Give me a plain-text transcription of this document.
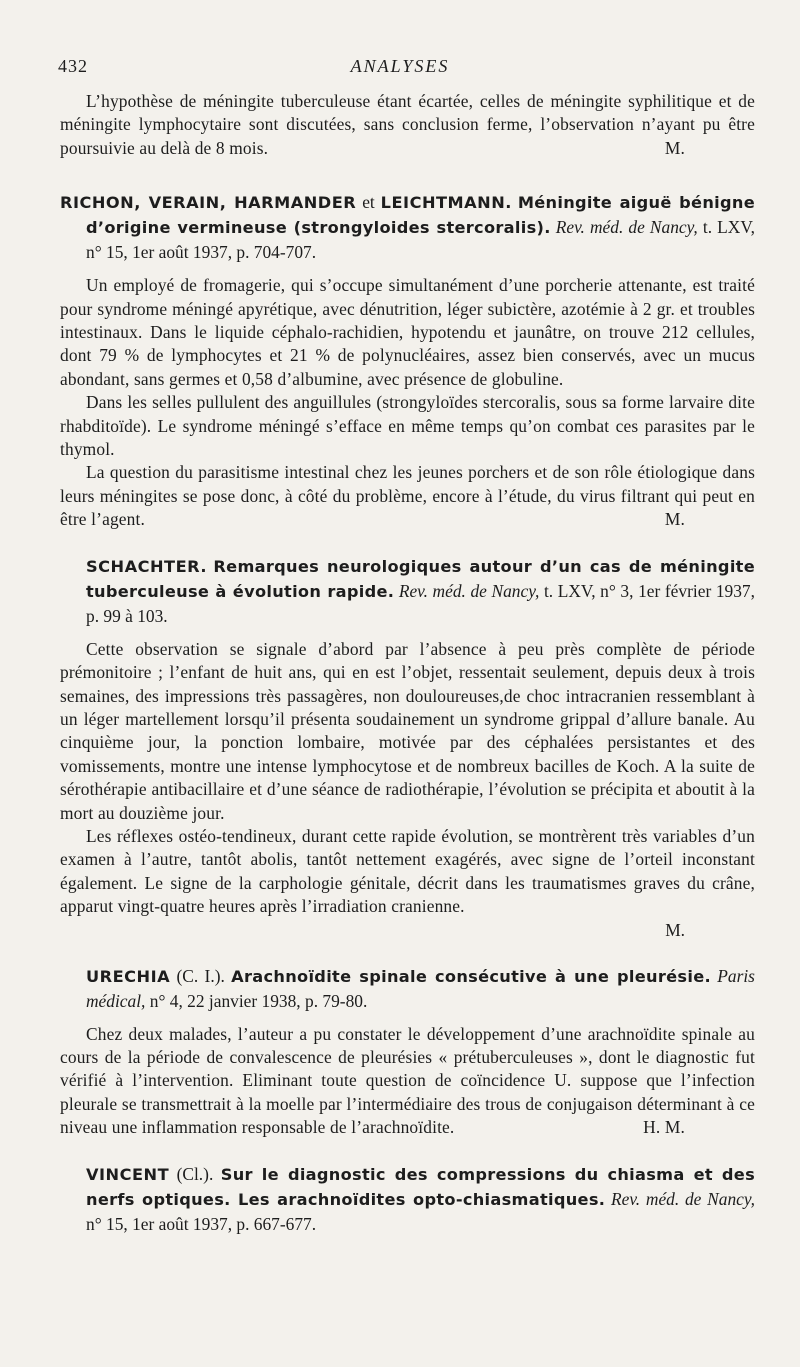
432	ANALYSES

L’hypothèse de méningite tuberculeuse étant écartée, celles de méningite syphilitique et de méningite lymphocytaire sont discutées, sans conclusion ferme, l’observation n’ayant pu être poursuivie au delà de 8 mois.	M.

RICHON, VERAIN, HARMANDER et LEICHTMANN. Méningite aiguë bénigne d’origine vermineuse (strongyloides stercoralis). Rev. méd. de Nancy, t. LXV, n° 15, 1er août 1937, p. 704-707.

Un employé de fromagerie, qui s’occupe simultanément d’une porcherie attenante, est traité pour syndrome méningé apyrétique, avec dénutrition, léger subictère, azotémie à 2 gr. et troubles intestinaux. Dans le liquide céphalo-rachidien, hypotendu et jaunâtre, on trouve 212 cellules, dont 79 % de lymphocytes et 21 % de polynucléaires, assez bien conservés, avec un mucus abondant, sans germes et 0,58 d’albumine, avec présence de globuline.

Dans les selles pullulent des anguillules (strongyloïdes stercoralis, sous sa forme larvaire dite rhabditoïde). Le syndrome méningé s’efface en même temps qu’on combat ces parasites par le thymol.

La question du parasitisme intestinal chez les jeunes porchers et de son rôle étiologique dans leurs méningites se pose donc, à côté du problème, encore à l’étude, du virus filtrant qui peut en être l’agent.	M.

SCHACHTER. Remarques neurologiques autour d’un cas de méningite tuberculeuse à évolution rapide. Rev. méd. de Nancy, t. LXV, n° 3, 1er février 1937, p. 99 à 103.

Cette observation se signale d’abord par l’absence à peu près complète de période prémonitoire ; l’enfant de huit ans, qui en est l’objet, ressentait seulement, depuis deux à trois semaines, des impressions très passagères, non douloureuses,de choc intracranien ressemblant à un léger martellement lorsqu’il présenta soudainement un syndrome grippal d’allure banale. Au cinquième jour, la ponction lombaire, motivée par des céphalées persistantes et des vomissements, montre une intense lymphocytose et de nombreux bacilles de Koch. A la suite de sérothérapie antibacillaire et d’une séance de radiothérapie, l’évolution se précipita et aboutit à la mort au douzième jour.

Les réflexes ostéo-tendineux, durant cette rapide évolution, se montrèrent très variables d’un examen à l’autre, tantôt abolis, tantôt nettement exagérés, avec signe de l’orteil inconstant également. Le signe de la carphologie génitale, décrit dans les traumatismes graves du crâne, apparut vingt-quatre heures après l’irradiation cranienne.

M.
URECHIA (C. I.). Arachnoïdite spinale consécutive à une pleurésie. Paris médical, n° 4, 22 janvier 1938, p. 79-80.

Chez deux malades, l’auteur a pu constater le développement d’une arachnoïdite spinale au cours de la période de convalescence de pleurésies « prétuberculeuses », dont le diagnostic fut vérifié à l’intervention. Eliminant toute question de coïncidence U. suppose que l’infection pleurale se transmettrait à la moelle par l’intermédiaire des trous de conjugaison déterminant à ce niveau une inflammation responsable de l’arachnoïdite.	H. M.

VINCENT (Cl.). Sur le diagnostic des compressions du chiasma et des nerfs optiques. Les arachnoïdites opto-chiasmatiques. Rev. méd. de Nancy, n° 15, 1er août 1937, p. 667-677.
